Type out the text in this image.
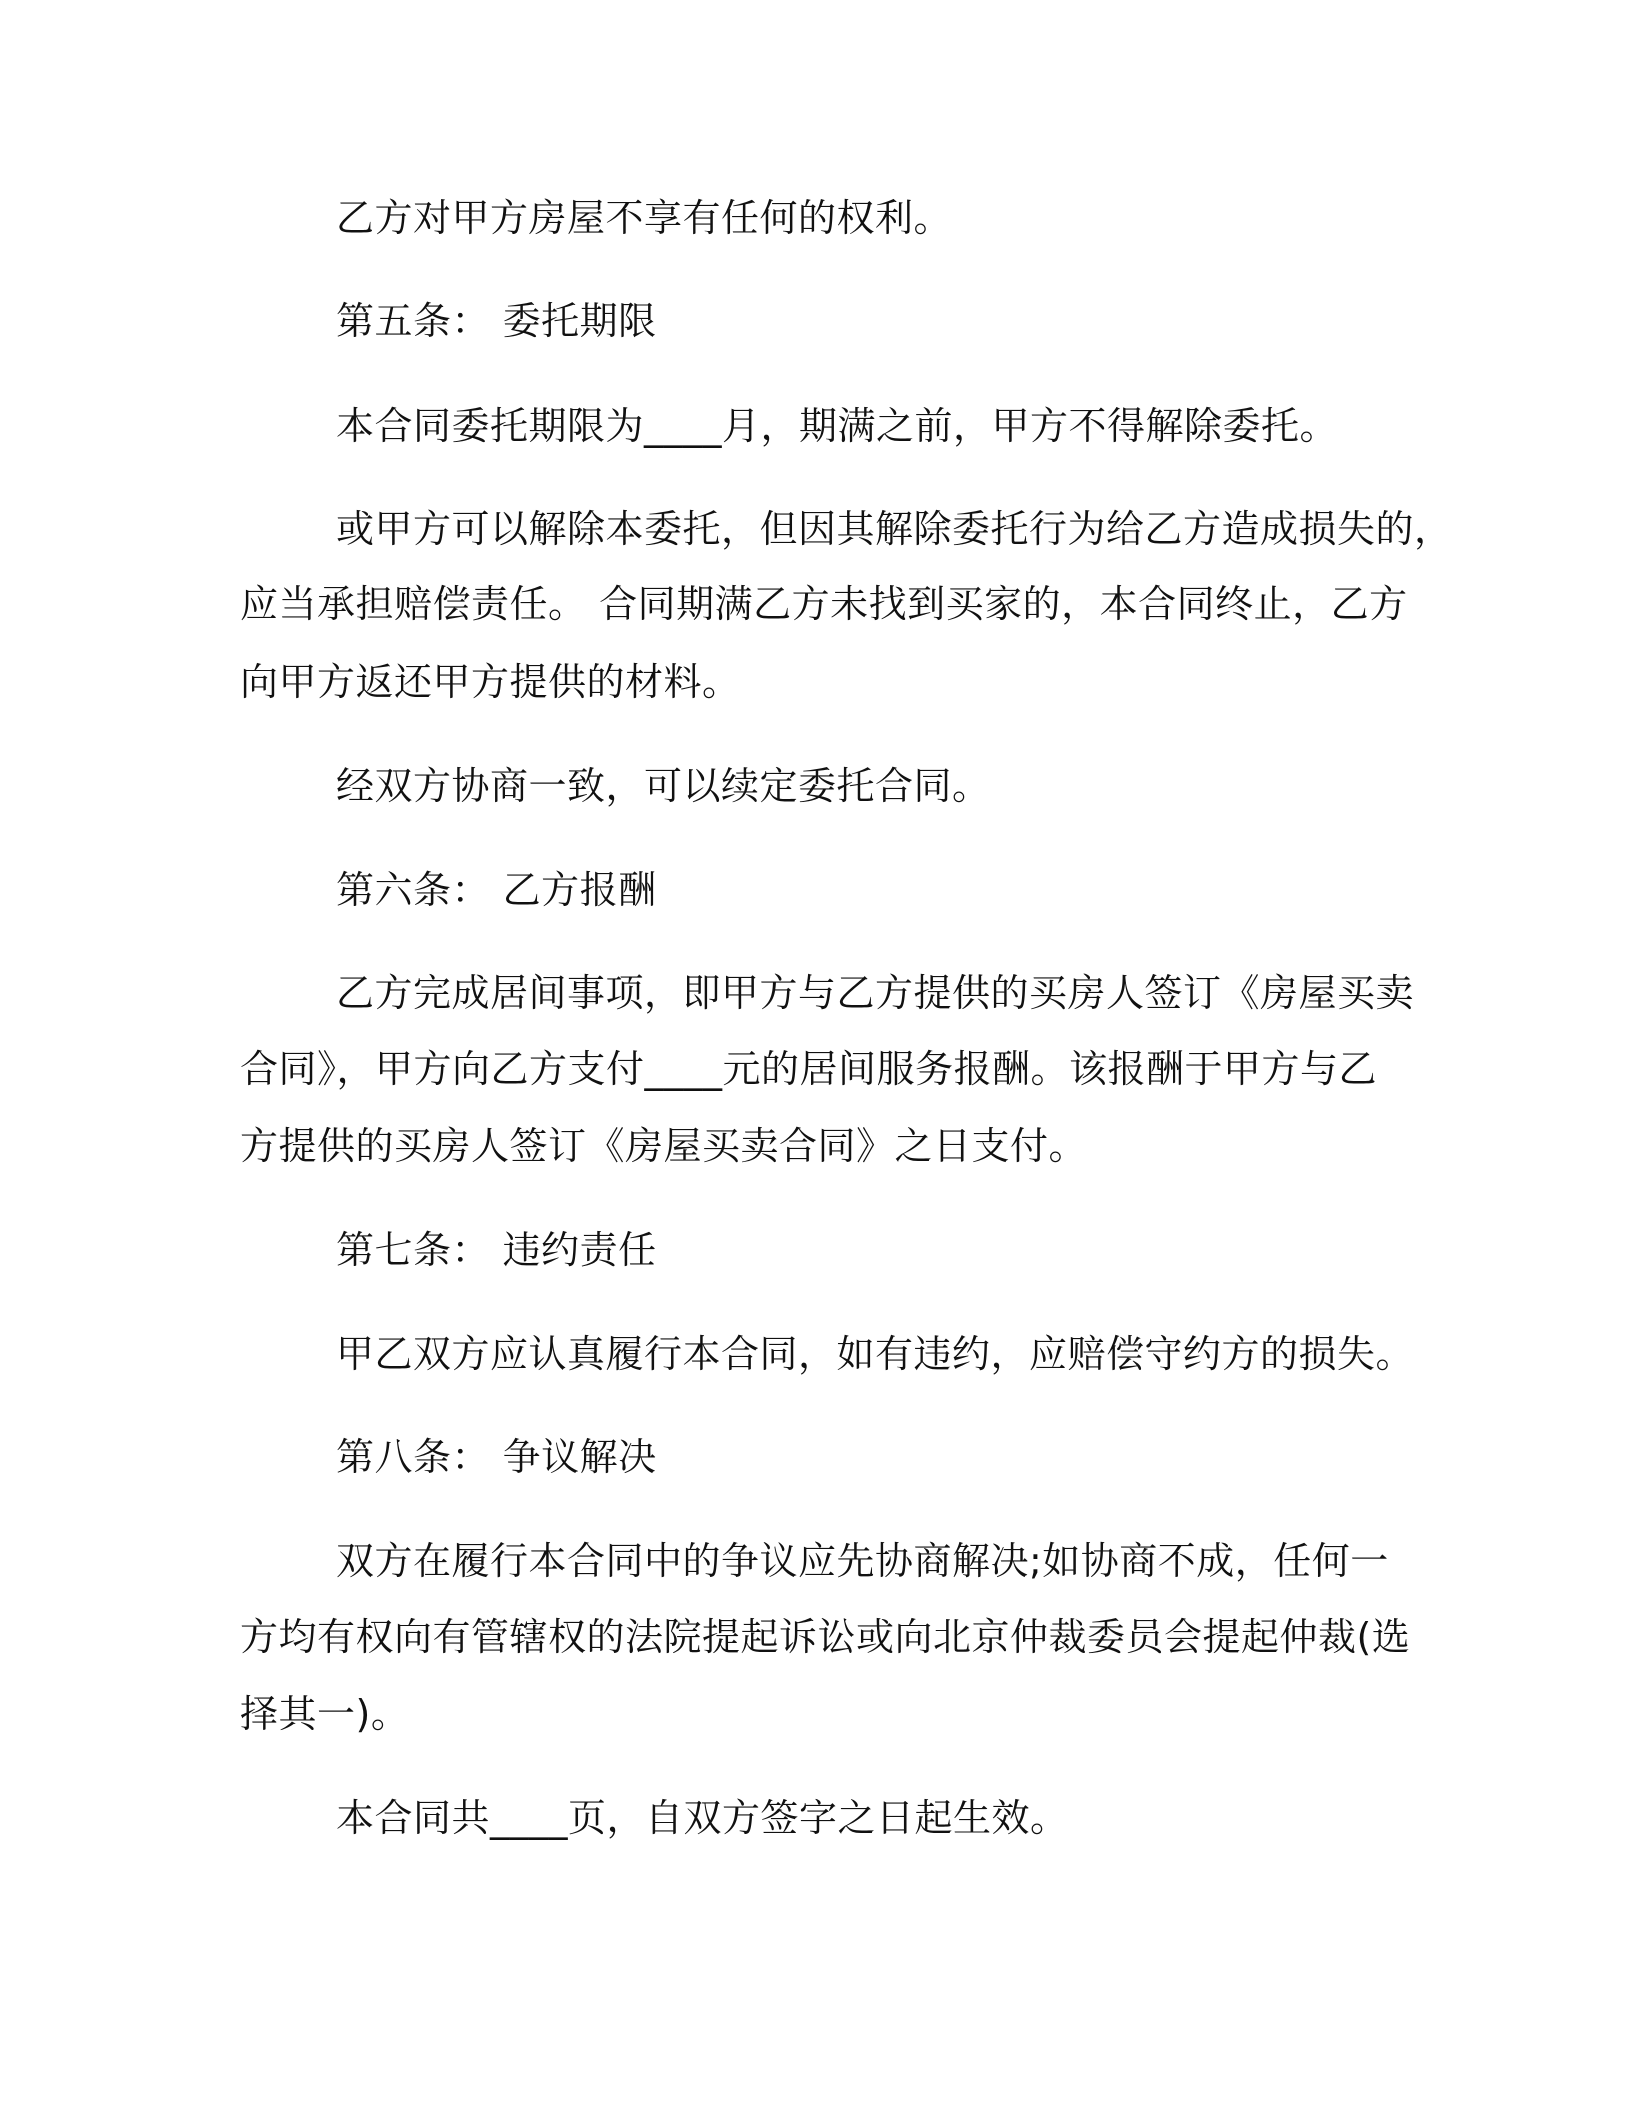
乙方对甲方房屋不享有任何的权利。
第五条： 委托期限
本合同委托期限为____月，期满之前，甲方不得解除委托。
或甲方可以解除本委托，但因其解除委托行为给乙方造成损失的，
应当承担赔偿责任。 合同期满乙方未找到买家的，本合同终止，乙方
向甲方返还甲方提供的材料。
经双方协商一致，可以续定委托合同。
第六条： 乙方报酬
乙方完成居间事项，即甲方与乙方提供的买房人签订《房屋买卖
合同》，甲方向乙方支付____元的居间服务报酬。该报酬于甲方与乙
方提供的买房人签订《房屋买卖合同》之日支付。
第七条： 违约责任
甲乙双方应认真履行本合同，如有违约，应赔偿守约方的损失。
第八条： 争议解决
双方在履行本合同中的争议应先协商解决;如协商不成，任何一
方均有权向有管辖权的法院提起诉讼或向北京仲裁委员会提起仲裁(选
择其一)。
本合同共____页，自双方签字之日起生效。
